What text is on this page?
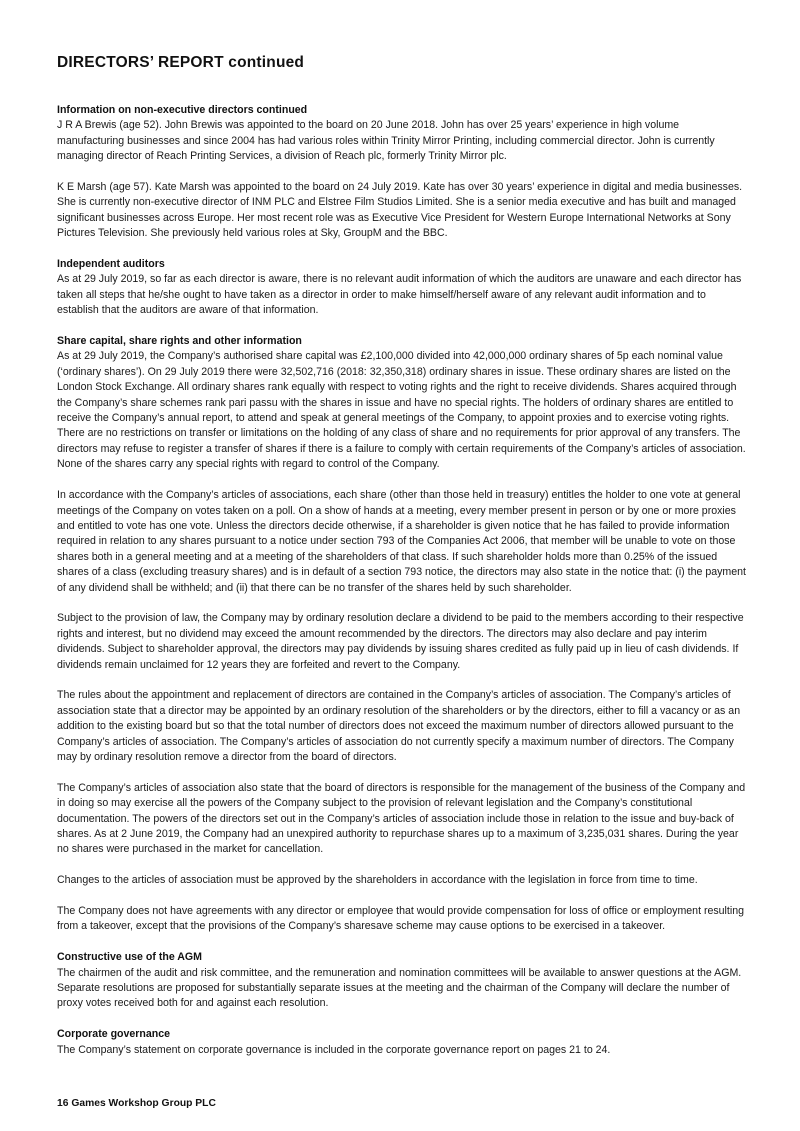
DIRECTORS’ REPORT continued
Information on non-executive directors continued

J R A Brewis (age 52). John Brewis was appointed to the board on 20 June 2018. John has over 25 years’ experience in high volume manufacturing businesses and since 2004 has had various roles within Trinity Mirror Printing, including commercial director. John is currently managing director of Reach Printing Services, a division of Reach plc, formerly Trinity Mirror plc.

K E Marsh (age 57). Kate Marsh was appointed to the board on 24 July 2019. Kate has over 30 years’ experience in digital and media businesses. She is currently non-executive director of INM PLC and Elstree Film Studios Limited. She is a senior media executive and has built and managed significant businesses across Europe. Her most recent role was as Executive Vice President for Western Europe International Networks at Sony Pictures Television. She previously held various roles at Sky, GroupM and the BBC.

Independent auditors

As at 29 July 2019, so far as each director is aware, there is no relevant audit information of which the auditors are unaware and each director has taken all steps that he/she ought to have taken as a director in order to make himself/herself aware of any relevant audit information and to establish that the auditors are aware of that information.

Share capital, share rights and other information

As at 29 July 2019, the Company’s authorised share capital was £2,100,000 divided into 42,000,000 ordinary shares of 5p each nominal value (‘ordinary shares’). On 29 July 2019 there were 32,502,716 (2018: 32,350,318) ordinary shares in issue. These ordinary shares are listed on the London Stock Exchange. All ordinary shares rank equally with respect to voting rights and the right to receive dividends. Shares acquired through the Company’s share schemes rank pari passu with the shares in issue and have no special rights. The holders of ordinary shares are entitled to receive the Company’s annual report, to attend and speak at general meetings of the Company, to appoint proxies and to exercise voting rights. There are no restrictions on transfer or limitations on the holding of any class of share and no requirements for prior approval of any transfers. The directors may refuse to register a transfer of shares if there is a failure to comply with certain requirements of the Company’s articles of association. None of the shares carry any special rights with regard to control of the Company.

In accordance with the Company’s articles of associations, each share (other than those held in treasury) entitles the holder to one vote at general meetings of the Company on votes taken on a poll. On a show of hands at a meeting, every member present in person or by one or more proxies and entitled to vote has one vote. Unless the directors decide otherwise, if a shareholder is given notice that he has failed to provide information required in relation to any shares pursuant to a notice under section 793 of the Companies Act 2006, that member will be unable to vote on those shares both in a general meeting and at a meeting of the shareholders of that class. If such shareholder holds more than 0.25% of the issued shares of a class (excluding treasury shares) and is in default of a section 793 notice, the directors may also state in the notice that: (i) the payment of any dividend shall be withheld; and (ii) that there can be no transfer of the shares held by such shareholder.

Subject to the provision of law, the Company may by ordinary resolution declare a dividend to be paid to the members according to their respective rights and interest, but no dividend may exceed the amount recommended by the directors. The directors may also declare and pay interim dividends. Subject to shareholder approval, the directors may pay dividends by issuing shares credited as fully paid up in lieu of cash dividends. If dividends remain unclaimed for 12 years they are forfeited and revert to the Company.

The rules about the appointment and replacement of directors are contained in the Company’s articles of association. The Company’s articles of association state that a director may be appointed by an ordinary resolution of the shareholders or by the directors, either to fill a vacancy or as an addition to the existing board but so that the total number of directors does not exceed the maximum number of directors allowed pursuant to the Company’s articles of association. The Company’s articles of association do not currently specify a maximum number of directors. The Company may by ordinary resolution remove a director from the board of directors.

The Company’s articles of association also state that the board of directors is responsible for the management of the business of the Company and in doing so may exercise all the powers of the Company subject to the provision of relevant legislation and the Company’s constitutional documentation. The powers of the directors set out in the Company’s articles of association include those in relation to the issue and buy-back of shares. As at 2 June 2019, the Company had an unexpired authority to repurchase shares up to a maximum of 3,235,031 shares. During the year no shares were purchased in the market for cancellation.

Changes to the articles of association must be approved by the shareholders in accordance with the legislation in force from time to time.

The Company does not have agreements with any director or employee that would provide compensation for loss of office or employment resulting from a takeover, except that the provisions of the Company’s sharesave scheme may cause options to be exercised in a takeover.

Constructive use of the AGM

The chairmen of the audit and risk committee, and the remuneration and nomination committees will be available to answer questions at the AGM. Separate resolutions are proposed for substantially separate issues at the meeting and the chairman of the Company will declare the number of proxy votes received both for and against each resolution.

Corporate governance

The Company’s statement on corporate governance is included in the corporate governance report on pages 21 to 24.

16 Games Workshop Group PLC
